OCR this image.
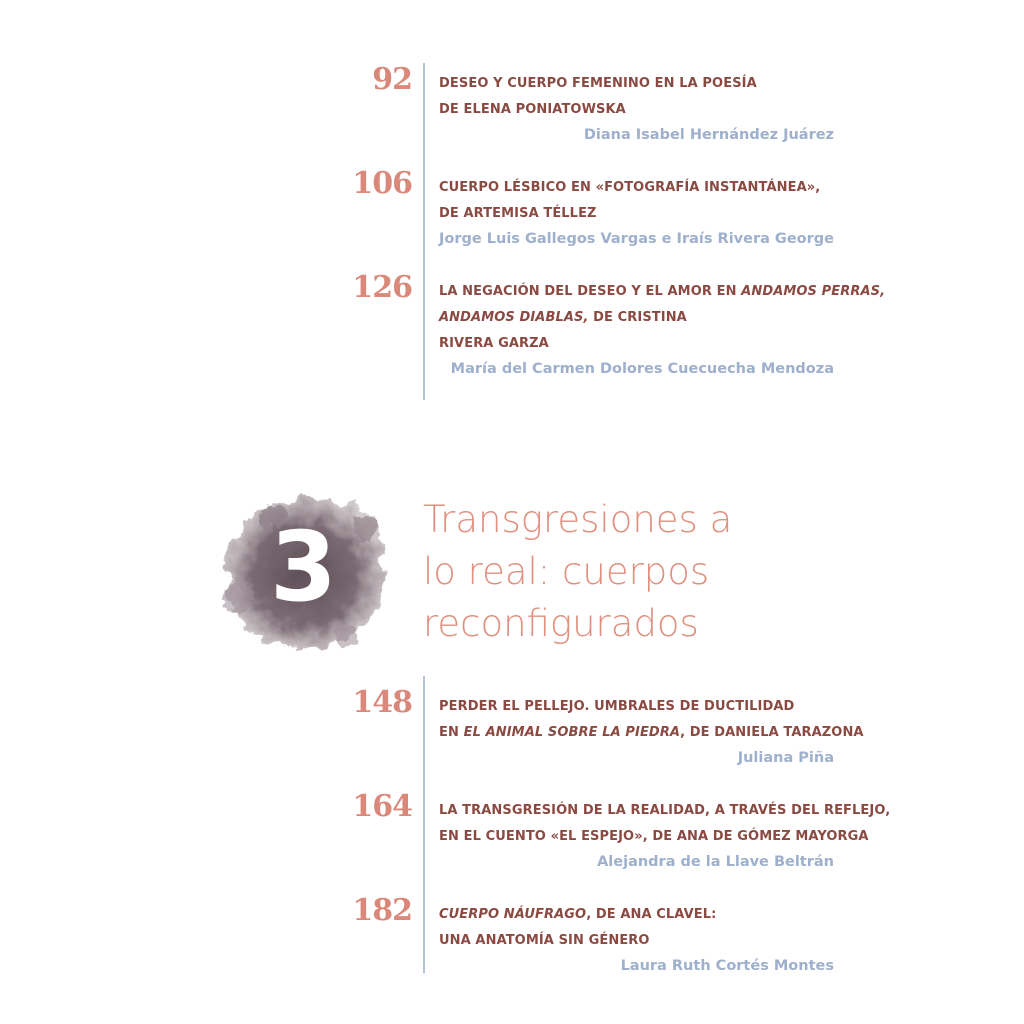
92 DESEO Y CUERPO FEMENINO EN LA POESÍA
DE ELENA PONIATOWSKA
Diana Isabel Hernández Juárez
106 CUERPO LÉSBICO EN «FOTOGRAFÍA INSTANTÁNEA»,
DE ARTEMISA TÉLLEZ
Jorge Luis Gallegos Vargas e Iraís Rivera George
126 LA NEGACIÓN DEL DESEO Y EL AMOR EN ANDAMOS PERRAS,
ANDAMOS DIABLAS, DE CRISTINA
RIVERA GARZA
María del Carmen Dolores Cuecuecha Mendoza
3 Transgresiones a
lo real: cuerpos
reconfigurados
148 PERDER EL PELLEJO. UMBRALES DE DUCTILIDAD
EN EL ANIMAL SOBRE LA PIEDRA, DE DANIELA TARAZONA
Juliana Piña
164 LA TRANSGRESIÓN DE LA REALIDAD, A TRAVÉS DEL REFLEJO,
EN EL CUENTO «EL ESPEJO», DE ANA DE GÓMEZ MAYORGA
Alejandra de la Llave Beltrán
182 CUERPO NÁUFRAGO, DE ANA CLAVEL:
UNA ANATOMÍA SIN GÉNERO
Laura Ruth Cortés Montes
